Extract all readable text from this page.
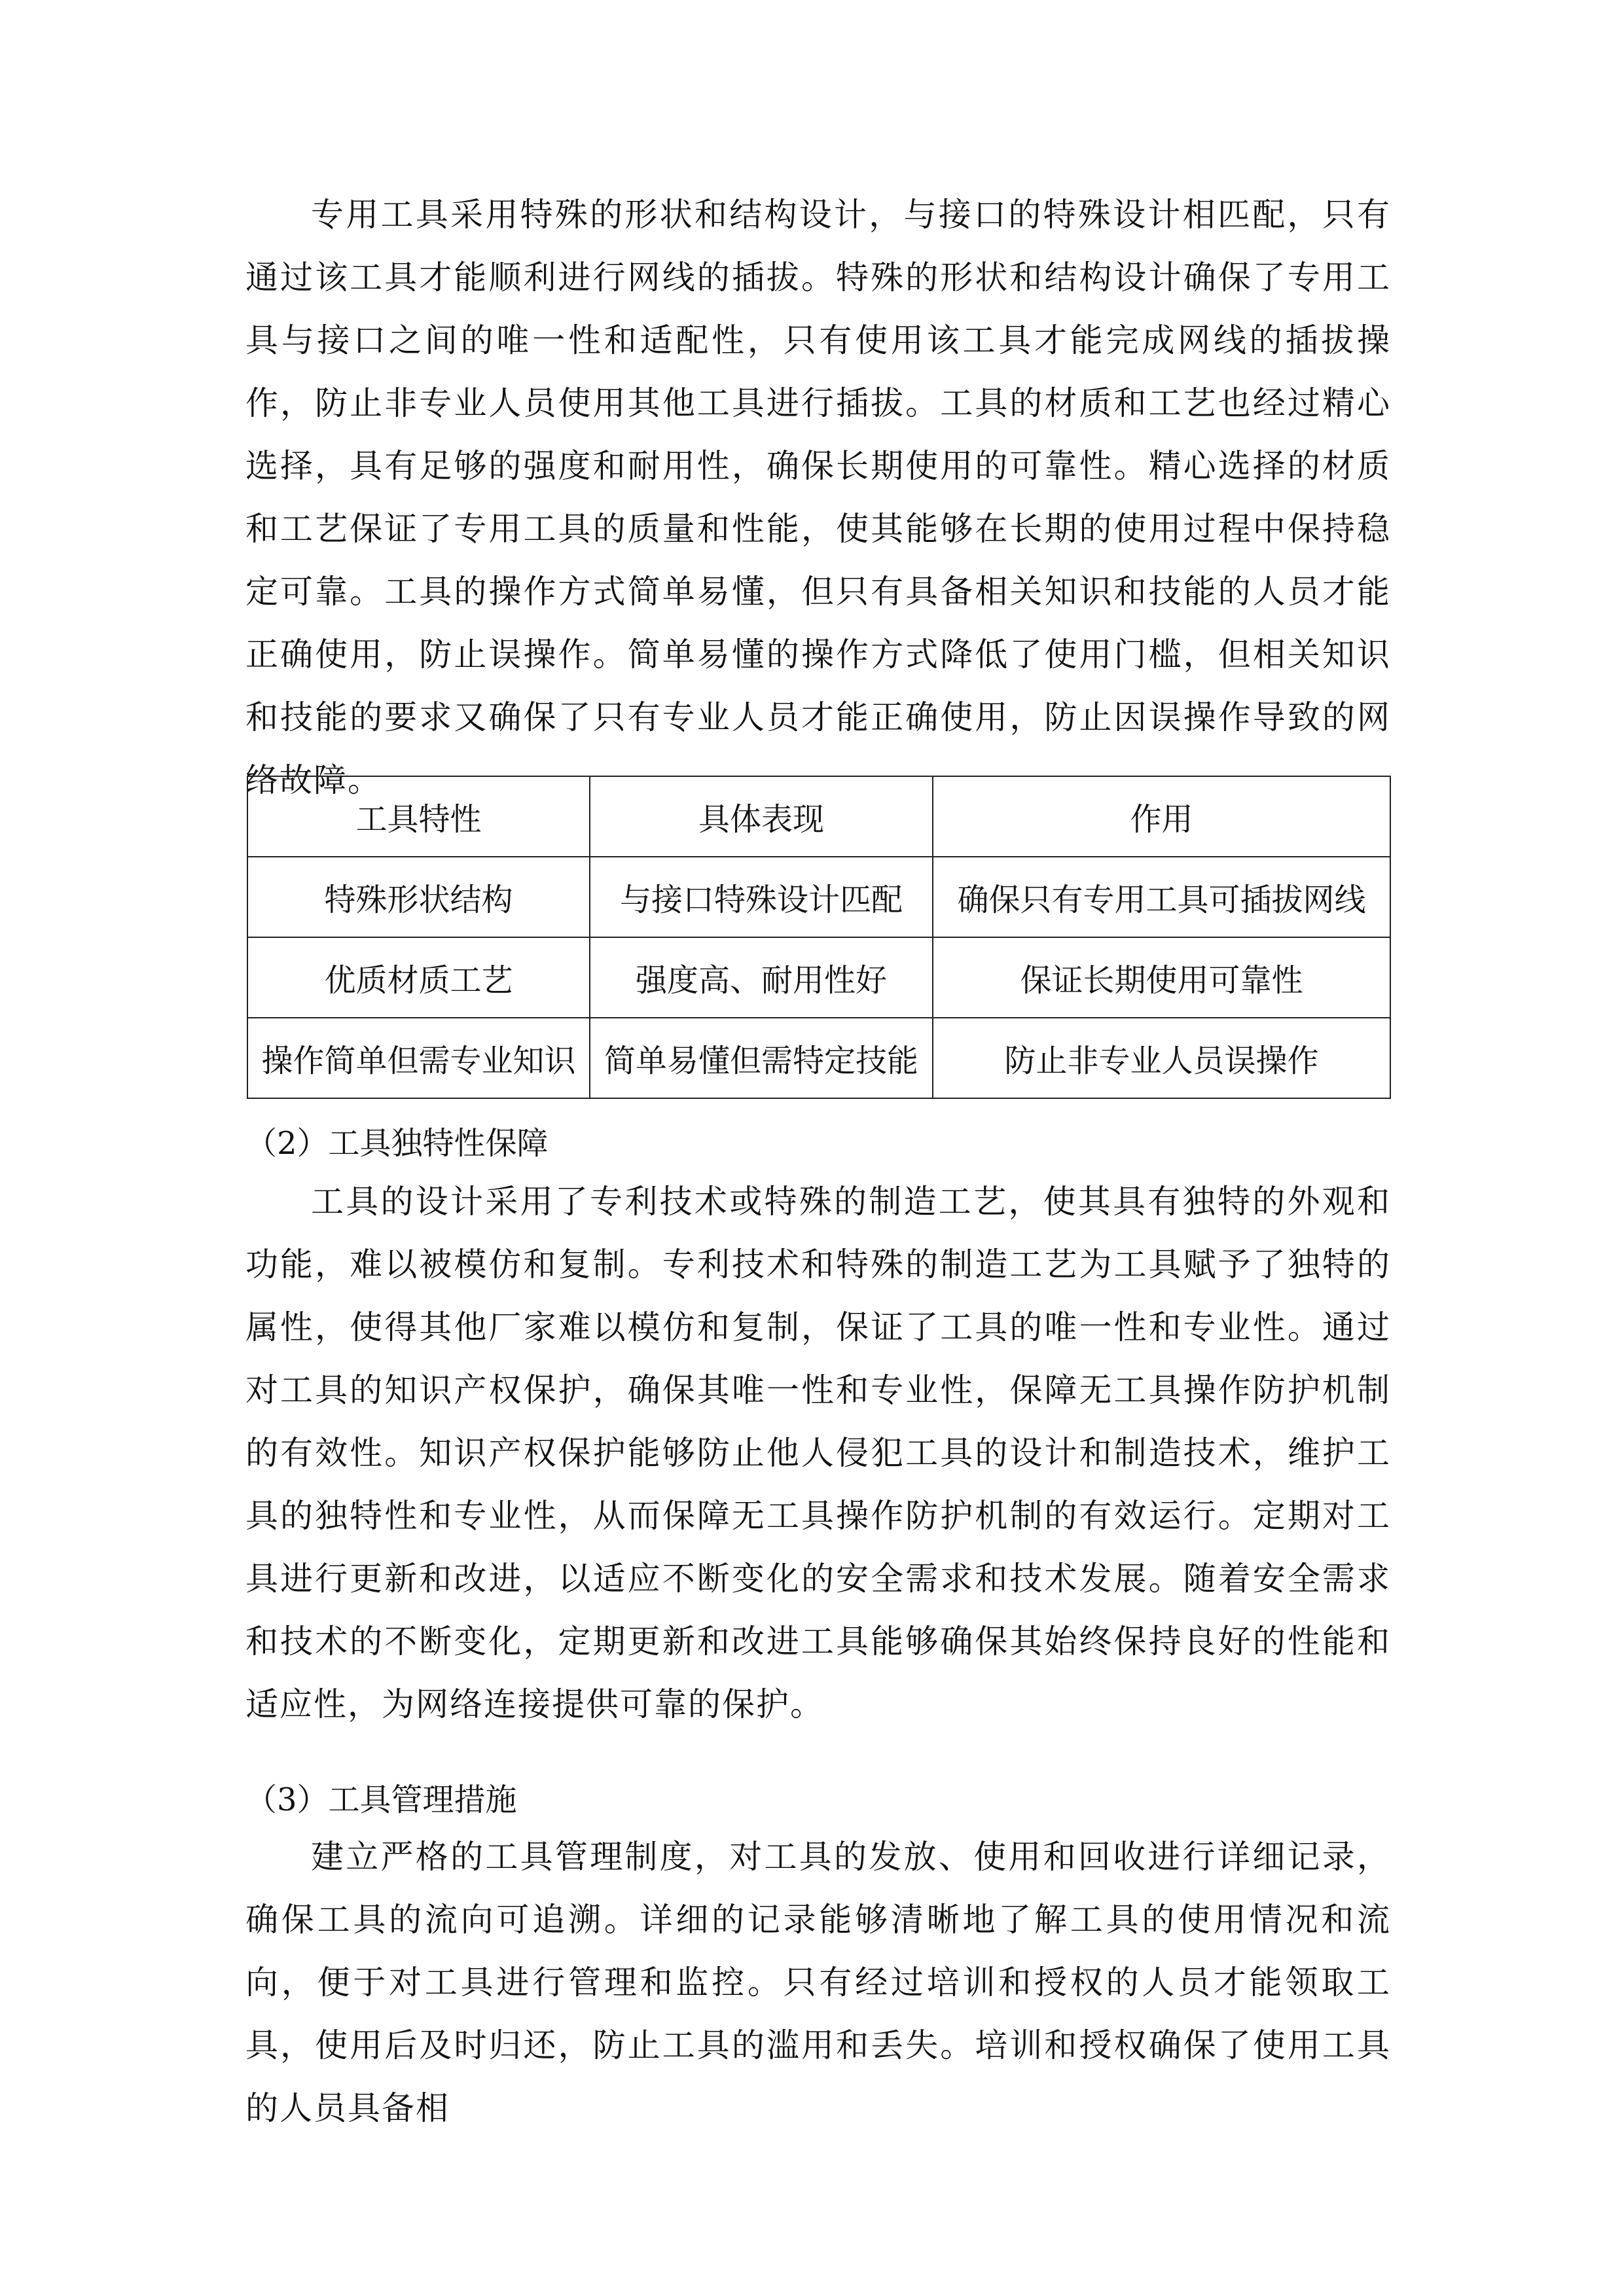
专用工具采用特殊的形状和结构设计，与接口的特殊设计相匹配，只有通过该工具才能顺利进行网线的插拔。特殊的形状和结构设计确保了专用工具与接口之间的唯一性和适配性，只有使用该工具才能完成网线的插拔操作，防止非专业人员使用其他工具进行插拔。工具的材质和工艺也经过精心选择，具有足够的强度和耐用性，确保长期使用的可靠性。精心选择的材质和工艺保证了专用工具的质量和性能，使其能够在长期的使用过程中保持稳定可靠。工具的操作方式简单易懂，但只有具备相关知识和技能的人员才能正确使用，防止误操作。简单易懂的操作方式降低了使用门槛，但相关知识和技能的要求又确保了只有专业人员才能正确使用，防止因误操作导致的网络故障。

工具特性	具体表现	作用
特殊形状结构	与接口特殊设计匹配	确保只有专用工具可插拔网线
优质材质工艺	强度高、耐用性好	保证长期使用可靠性
操作简单但需专业知识	简单易懂但需特定技能	防止非专业人员误操作

（2）工具独特性保障

工具的设计采用了专利技术或特殊的制造工艺，使其具有独特的外观和功能，难以被模仿和复制。专利技术和特殊的制造工艺为工具赋予了独特的属性，使得其他厂家难以模仿和复制，保证了工具的唯一性和专业性。通过对工具的知识产权保护，确保其唯一性和专业性，保障无工具操作防护机制的有效性。知识产权保护能够防止他人侵犯工具的设计和制造技术，维护工具的独特性和专业性，从而保障无工具操作防护机制的有效运行。定期对工具进行更新和改进，以适应不断变化的安全需求和技术发展。随着安全需求和技术的不断变化，定期更新和改进工具能够确保其始终保持良好的性能和适应性，为网络连接提供可靠的保护。

（3）工具管理措施

建立严格的工具管理制度，对工具的发放、使用和回收进行详细记录，确保工具的流向可追溯。详细的记录能够清晰地了解工具的使用情况和流向，便于对工具进行管理和监控。只有经过培训和授权的人员才能领取工具，使用后及时归还，防止工具的滥用和丢失。培训和授权确保了使用工具的人员具备相
